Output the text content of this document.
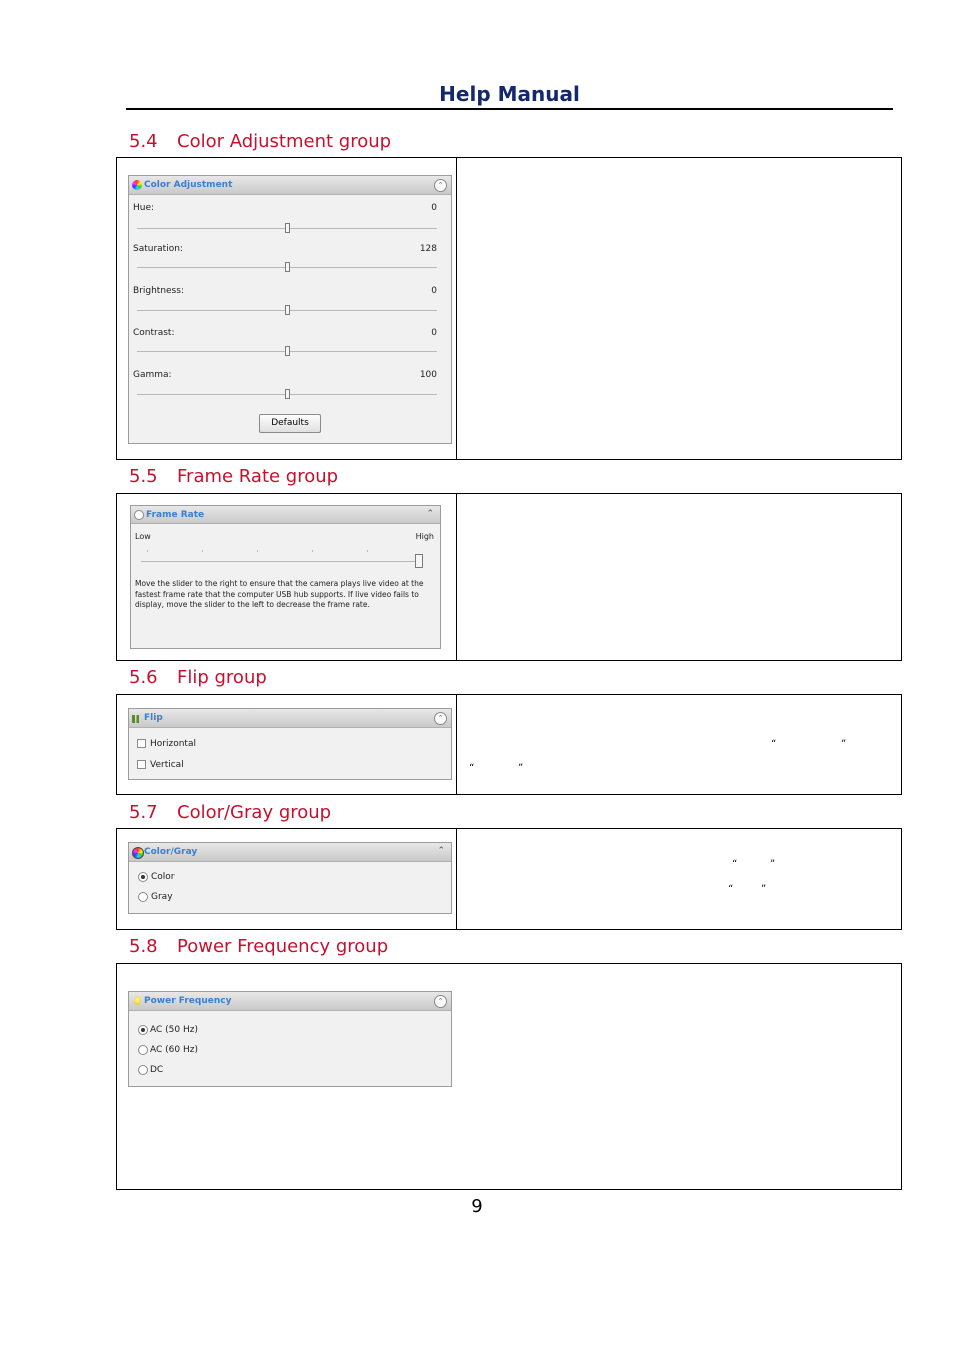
Help Manual
5.4 Color Adjustment group
Color Adjustment	⌃
Hue:	0
Saturation:	128
Brightness:	0
Contrast:	0
Gamma:	100
Defaults
5.5 Frame Rate group
Frame Rate	⌃
Low	High
Move the slider to the right to ensure that the camera plays live video at the fastest frame rate that the computer USB hub supports. If live video fails to display, move the slider to the left to decrease the frame rate.
5.6 Flip group
Flip	⌃
Horizontal
Vertical
“	”
“	”
5.7 Color/Gray group
Color/Gray	⌃
Color
Gray
“	”
“	”
5.8 Power Frequency group
Power Frequency	⌃
AC (50 Hz)
AC (60 Hz)
DC
9
